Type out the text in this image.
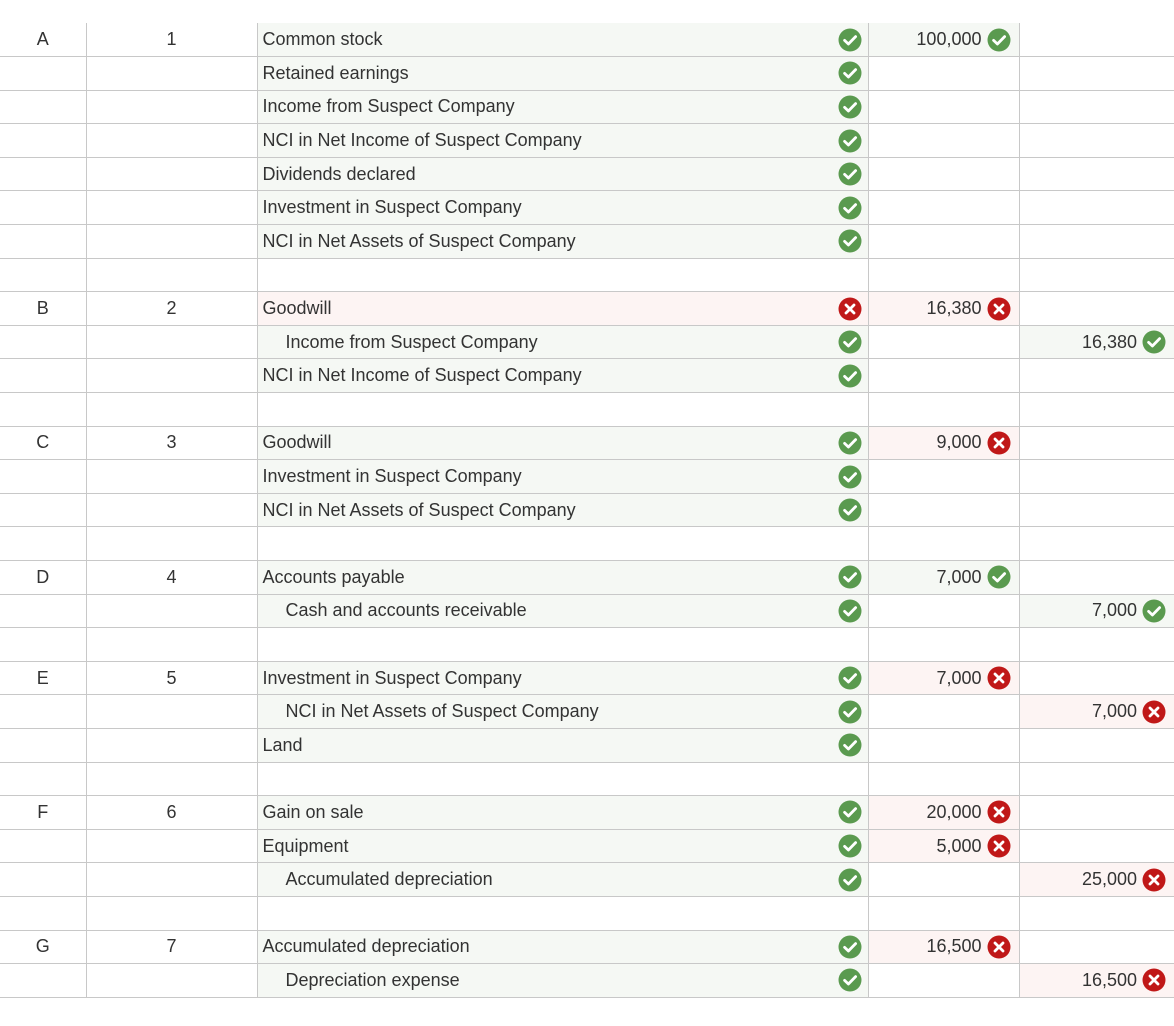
A	1	Common stock	100,000	

		Retained earnings		

		Income from Suspect Company		

		NCI in Net Income of Suspect Company		

		Dividends declared		

		Investment in Suspect Company		

		NCI in Net Assets of Suspect Company		

B	2	Goodwill	16,380	

		Income from Suspect Company		16,380

		NCI in Net Income of Suspect Company		

C	3	Goodwill	9,000	

		Investment in Suspect Company		

		NCI in Net Assets of Suspect Company		

D	4	Accounts payable	7,000	

		Cash and accounts receivable		7,000

E	5	Investment in Suspect Company	7,000	

		NCI in Net Assets of Suspect Company		7,000

		Land		

F	6	Gain on sale	20,000	

		Equipment	5,000	

		Accumulated depreciation		25,000

G	7	Accumulated depreciation	16,500	

		Depreciation expense		16,500
